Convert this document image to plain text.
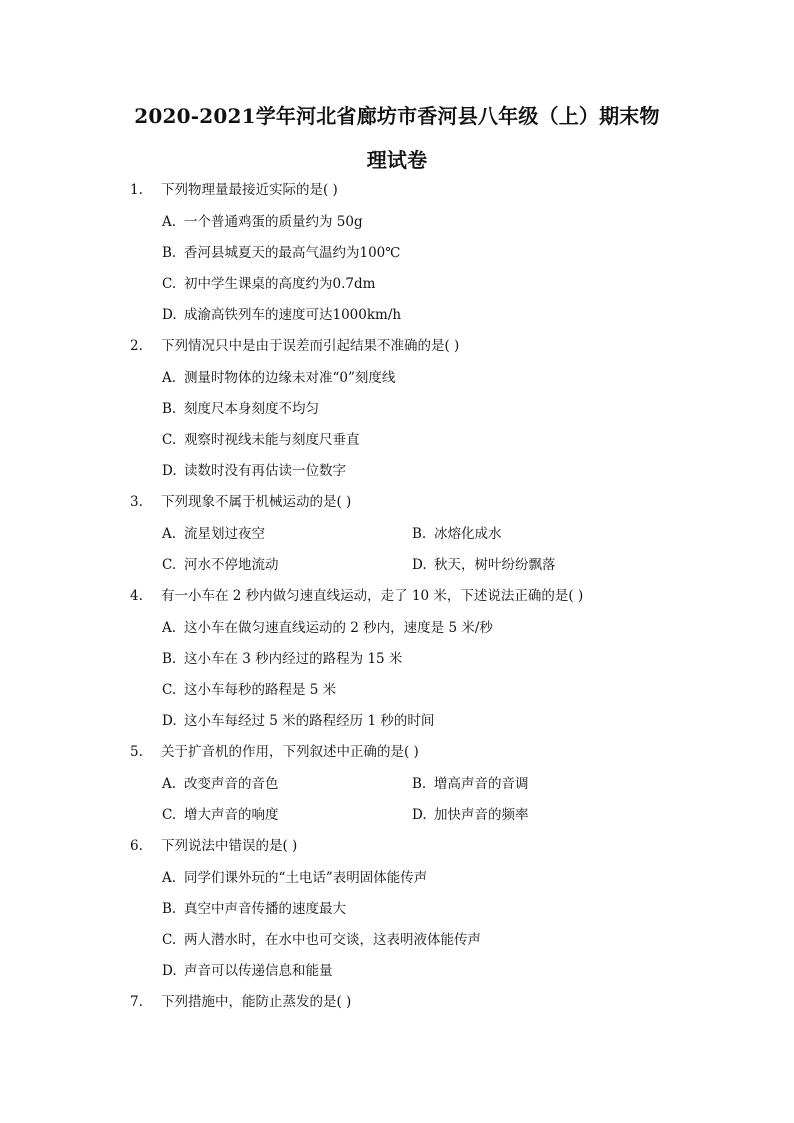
2020-2021学年河北省廊坊市香河县八年级（上）期末物
理试卷
1. 下列物理量最接近实际的是( )
A. 一个普通鸡蛋的质量约为 50g
B. 香河县城夏天的最高气温约为100℃
C. 初中学生课桌的高度约为0.7dm
D. 成渝高铁列车的速度可达1000km/h
2. 下列情况只中是由于误差而引起结果不准确的是( )
A. 测量时物体的边缘未对准“0”刻度线
B. 刻度尺本身刻度不均匀
C. 观察时视线未能与刻度尺垂直
D. 读数时没有再估读一位数字
3. 下列现象不属于机械运动的是( )
A. 流星划过夜空	B. 冰熔化成水
C. 河水不停地流动	D. 秋天，树叶纷纷飘落
4. 有一小车在 2 秒内做匀速直线运动，走了 10 米，下述说法正确的是( )
A. 这小车在做匀速直线运动的 2 秒内，速度是 5 米/秒
B. 这小车在 3 秒内经过的路程为 15 米
C. 这小车每秒的路程是 5 米
D. 这小车每经过 5 米的路程经历 1 秒的时间
5. 关于扩音机的作用，下列叙述中正确的是( )
A. 改变声音的音色	B. 增高声音的音调
C. 增大声音的响度	D. 加快声音的频率
6. 下列说法中错误的是( )
A. 同学们课外玩的“土电话”表明固体能传声
B. 真空中声音传播的速度最大
C. 两人潜水时，在水中也可交谈，这表明液体能传声
D. 声音可以传递信息和能量
7. 下列措施中，能防止蒸发的是( )
